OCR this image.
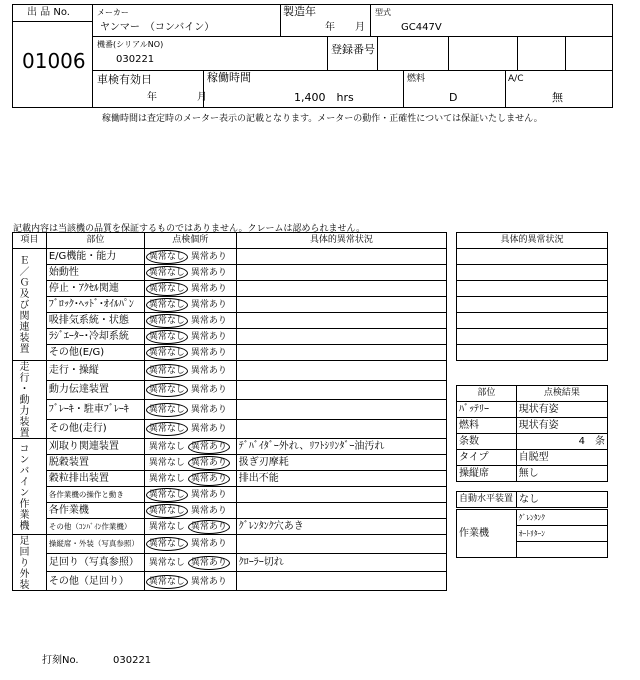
出 品 No.
01006
メーカー
ヤンマー　（コンバイン）
製造年
年　　月
型式
GC447V
機番(シリアルNO)
030221
登録番号
車検有効日
年　　　　月
稼働時間
1,400　hrs
燃料
D
A/C
無
稼働時間は査定時のメーター表示の記載となります。メーターの動作・正確性については保証いたしません。
記載内容は当該機の品質を保証するものではありません。クレームは認められません。
項目	部位	点検個所	具体的異常状況

Ｅ／Ｇ及び関連装置	E/G機能・能力	異常なし 異常あり	
	始動性	異常なし 異常あり	
	停止・ｱｸｾﾙ関連	異常なし 異常あり	
	ﾌﾞﾛｯｸ･ﾍｯﾄﾞ･ｵｲﾙﾊﾟﾝ	異常なし 異常あり	
	吸排気系統・状態	異常なし 異常あり	
	ﾗｼﾞｴｰﾀｰ･冷却系統	異常なし 異常あり	
	その他(E/G)	異常なし 異常あり	

走行・動力装置	走行・操縦	異常なし 異常あり	
	動力伝達装置	異常なし 異常あり	
	ﾌﾞﾚｰｷ・駐車ﾌﾞﾚｰｷ	異常なし 異常あり	
	その他(走行)	異常なし 異常あり	

コンバイン作業機	刈取り関連装置	異常なし 異常あり	ﾃﾞﾊﾞｲﾀﾞｰ外れ、ﾘﾌﾄｼﾘﾝﾀﾞｰ油汚れ
	脱穀装置	異常なし 異常あり	扱ぎ刃摩耗
	穀粒排出装置	異常なし 異常あり	排出不能
	各作業機の操作と動き	異常なし 異常あり	
	各作業機	異常なし 異常あり	
	その他（ｺﾝﾊﾞｲﾝ作業機）	異常なし 異常あり	ｸﾞﾚﾝﾀﾝｸ穴あき

足回り外装	操縦席・外装（写真参照）	異常なし 異常あり	
	足回り（写真参照）	異常なし 異常あり	ｸﾛｰﾗｰ切れ
	その他（足回り）	異常なし 異常あり	
具体的異常状況

部位	点検結果
ﾊﾞｯﾃﾘｰ	現状有姿
燃料	現状有姿
条数	4　条
タイプ	自脱型
操縦席	無し
自動水平装置	なし
作業機	ｸﾞﾚﾝﾀﾝｸ
ｵｰﾄﾘﾀｰﾝ

打刻No.	030221
